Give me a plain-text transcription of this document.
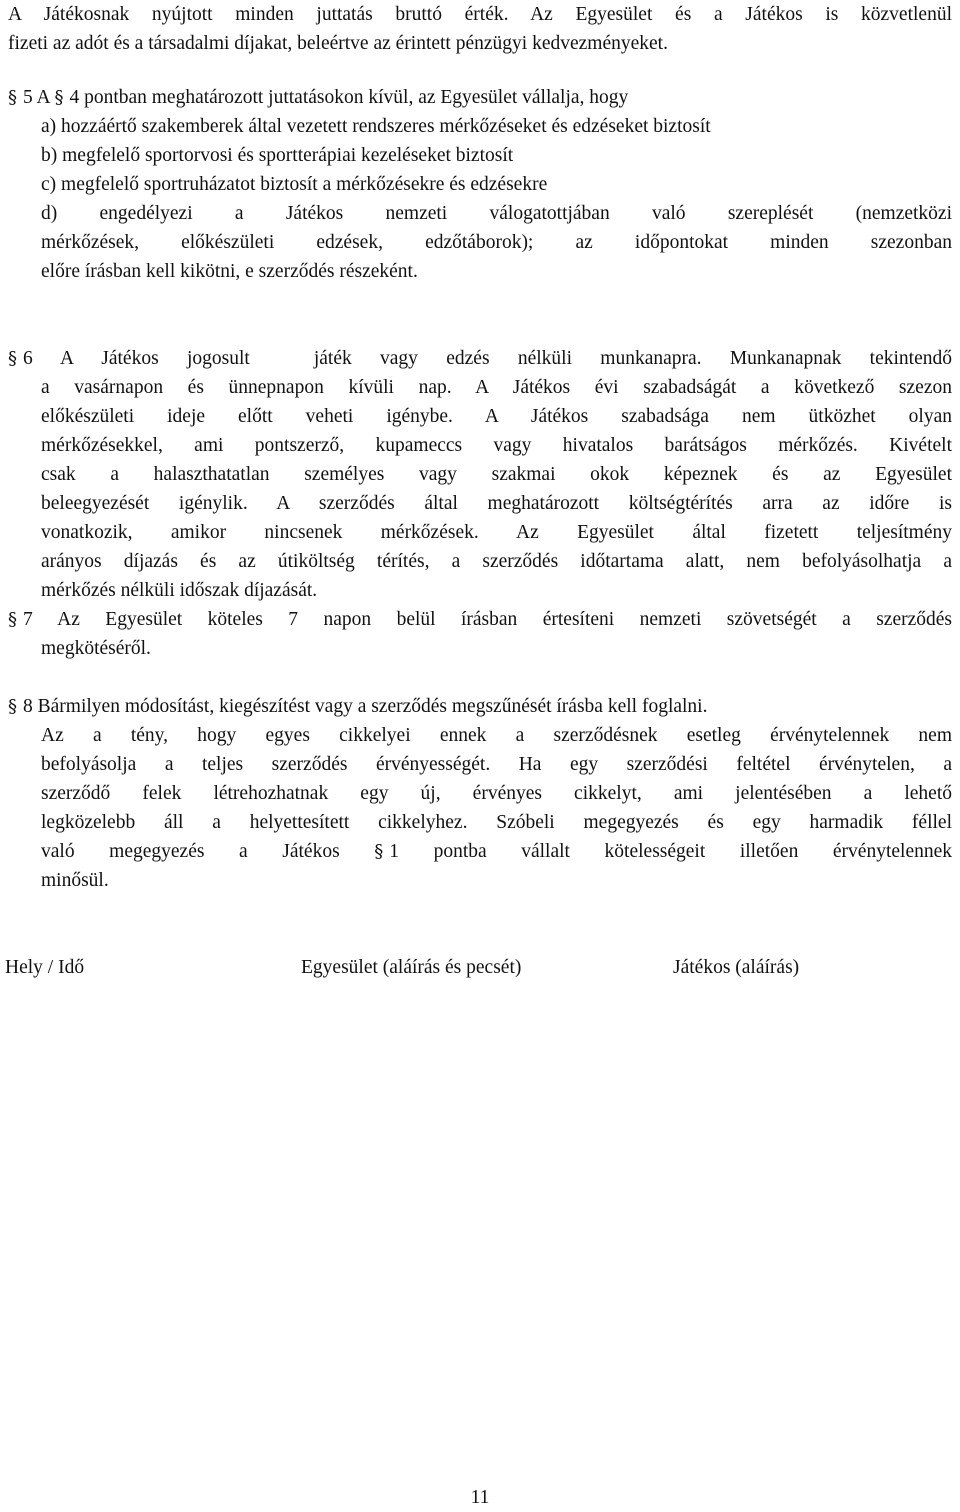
A Játékosnak nyújtott minden juttatás bruttó érték. Az Egyesület és a Játékos is közvetlenül
fizeti az adót és a társadalmi díjakat, beleértve az érintett pénzügyi kedvezményeket.
§ 5 A § 4 pontban meghatározott juttatásokon kívül, az Egyesület vállalja, hogy
a) hozzáértő szakemberek által vezetett rendszeres mérkőzéseket és edzéseket biztosít
b) megfelelő sportorvosi és sportterápiai kezeléseket biztosít
c) megfelelő sportruházatot biztosít a mérkőzésekre és edzésekre
d) engedélyezi a Játékos nemzeti válogatottjában való szereplését (nemzetközi
mérkőzések, előkészületi edzések, edzőtáborok); az időpontokat minden szezonban
előre írásban kell kikötni, e szerződés részeként.
§ 6 A Játékos jogosult	játék vagy edzés nélküli munkanapra. Munkanapnak tekintendő
a vasárnapon és ünnepnapon kívüli nap. A Játékos évi szabadságát a következő szezon
előkészületi ideje előtt veheti igénybe. A Játékos szabadsága nem ütközhet olyan
mérkőzésekkel, ami pontszerző, kupameccs vagy hivatalos barátságos mérkőzés. Kivételt
csak a halaszthatatlan személyes vagy szakmai okok képeznek és az Egyesület
beleegyezését igénylik. A szerződés által meghatározott költségtérítés arra az időre is
vonatkozik, amikor nincsenek mérkőzések. Az Egyesület által fizetett teljesítmény
arányos díjazás és az útiköltség térítés, a szerződés időtartama alatt, nem befolyásolhatja a
mérkőzés nélküli időszak díjazását.
§ 7 Az Egyesület köteles 7 napon belül írásban értesíteni nemzeti szövetségét a szerződés
megkötéséről.
§ 8 Bármilyen módosítást, kiegészítést vagy a szerződés megszűnését írásba kell foglalni.
Az a tény, hogy egyes cikkelyei ennek a szerződésnek esetleg érvénytelennek nem
befolyásolja a teljes szerződés érvényességét. Ha egy szerződési feltétel érvénytelen, a
szerződő felek létrehozhatnak egy új, érvényes cikkelyt, ami jelentésében a lehető
legközelebb áll a helyettesített cikkelyhez. Szóbeli megegyezés és egy harmadik féllel
való megegyezés a Játékos § 1 pontba vállalt kötelességeit illetően érvénytelennek
minősül.
Hely / Idő	Egyesület (aláírás és pecsét)	Játékos (aláírás)
11
